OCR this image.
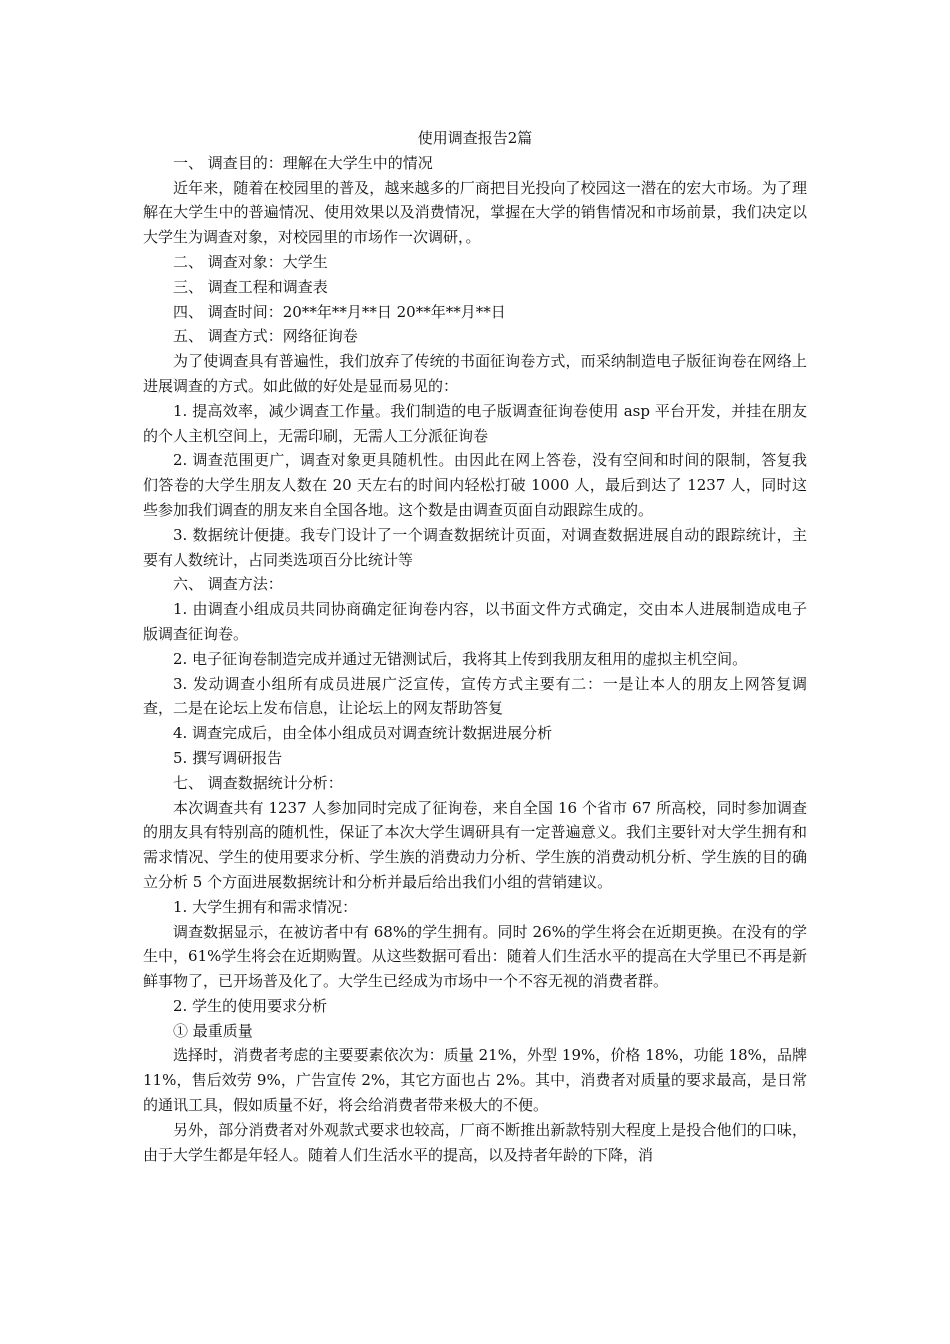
使用调查报告2篇

一、 调查目的：理解在大学生中的情况

近年来，随着在校园里的普及，越来越多的厂商把目光投向了校园这一潜在的宏大市场。为了理解在大学生中的普遍情况、使用效果以及消费情况，掌握在大学的销售情况和市场前景，我们决定以大学生为调查对象，对校园里的市场作一次调研，。

二、 调查对象：大学生

三、 调查工程和调查表

四、 调查时间：20**年**月**日 20**年**月**日

五、 调查方式：网络征询卷

为了使调查具有普遍性，我们放弃了传统的书面征询卷方式，而采纳制造电子版征询卷在网络上进展调查的方式。如此做的好处是显而易见的：

1. 提高效率，减少调查工作量。我们制造的电子版调查征询卷使用 asp 平台开发，并挂在朋友的个人主机空间上，无需印刷，无需人工分派征询卷

2. 调查范围更广，调查对象更具随机性。由因此在网上答卷，没有空间和时间的限制，答复我们答卷的大学生朋友人数在 20 天左右的时间内轻松打破 1000 人，最后到达了 1237 人，同时这些参加我们调查的朋友来自全国各地。这个数是由调查页面自动跟踪生成的。

3. 数据统计便捷。我专门设计了一个调查数据统计页面，对调查数据进展自动的跟踪统计，主要有人数统计，占同类选项百分比统计等

六、 调查方法：

1. 由调查小组成员共同协商确定征询卷内容，以书面文件方式确定，交由本人进展制造成电子版调查征询卷。

2. 电子征询卷制造完成并通过无错测试后，我将其上传到我朋友租用的虚拟主机空间。

3. 发动调查小组所有成员进展广泛宣传，宣传方式主要有二：一是让本人的朋友上网答复调查，二是在论坛上发布信息，让论坛上的网友帮助答复

4. 调查完成后，由全体小组成员对调查统计数据进展分析

5. 撰写调研报告

七、 调查数据统计分析：

本次调查共有 1237 人参加同时完成了征询卷，来自全国 16 个省市 67 所高校，同时参加调查的朋友具有特别高的随机性，保证了本次大学生调研具有一定普遍意义。我们主要针对大学生拥有和需求情况、学生的使用要求分析、学生族的消费动力分析、学生族的消费动机分析、学生族的目的确立分析 5 个方面进展数据统计和分析并最后给出我们小组的营销建议。

1. 大学生拥有和需求情况：

调查数据显示，在被访者中有 68%的学生拥有。同时 26%的学生将会在近期更换。在没有的学生中，61%学生将会在近期购置。从这些数据可看出：随着人们生活水平的提高在大学里已不再是新鲜事物了，已开场普及化了。大学生已经成为市场中一个不容无视的消费者群。

2. 学生的使用要求分析

① 最重质量

选择时，消费者考虑的主要要素依次为：质量 21%，外型 19%，价格 18%，功能 18%，品牌 11%，售后效劳 9%，广告宣传 2%，其它方面也占 2%。其中，消费者对质量的要求最高，是日常的通讯工具，假如质量不好，将会给消费者带来极大的不便。

另外，部分消费者对外观款式要求也较高，厂商不断推出新款特别大程度上是投合他们的口味，由于大学生都是年轻人。随着人们生活水平的提高，以及持者年龄的下降，消
